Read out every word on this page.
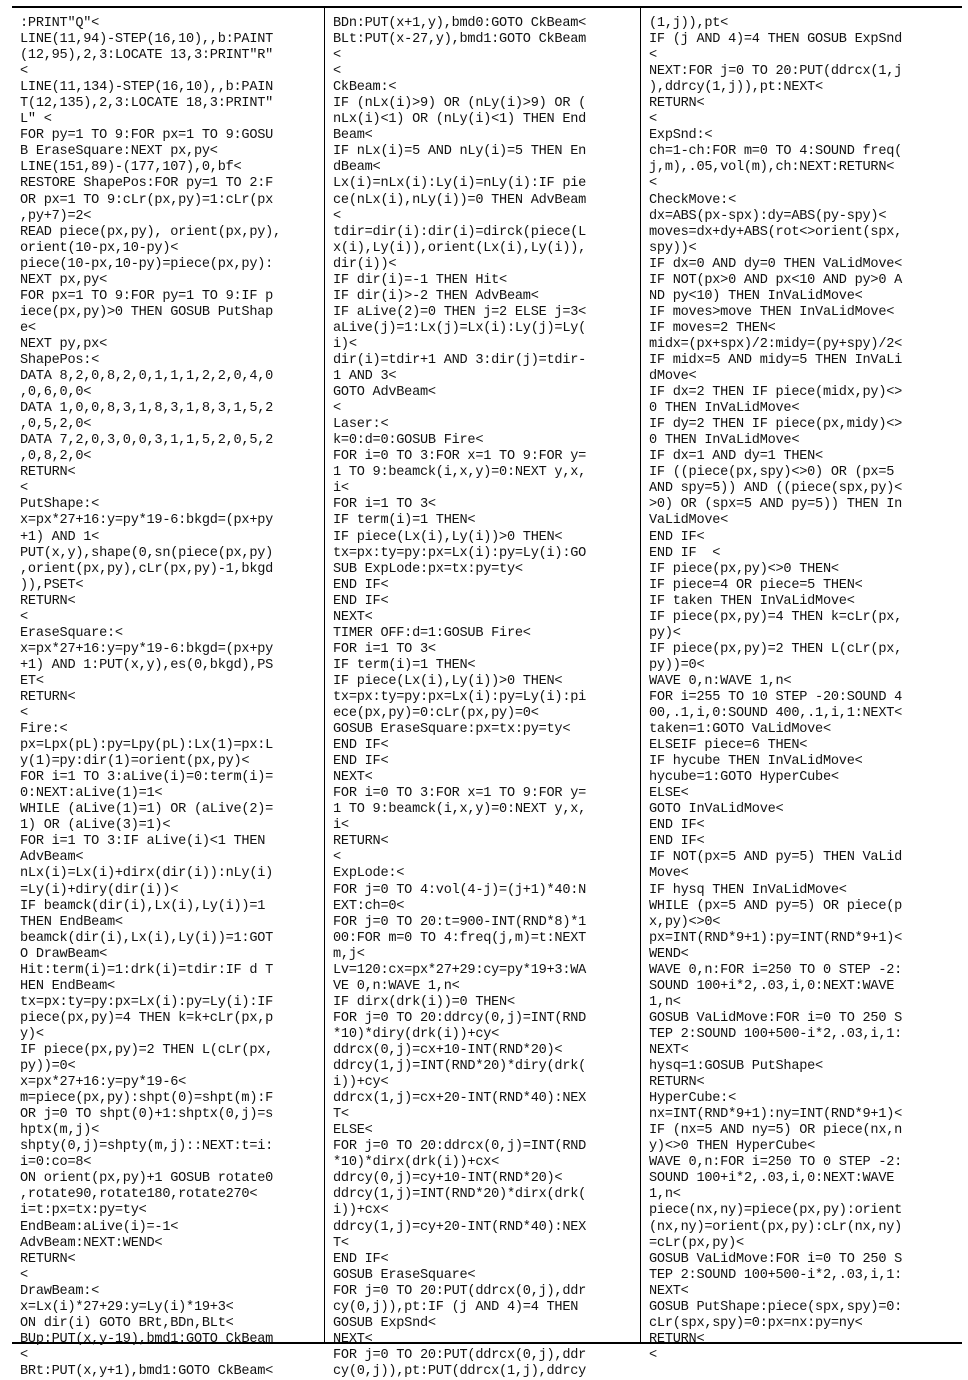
:PRINT"Q"<
LINE(11,94)-STEP(16,10),,b:PAINT
(12,95),2,3:LOCATE 13,3:PRINT"R"
<
LINE(11,134)-STEP(16,10),,b:PAIN
T(12,135),2,3:LOCATE 18,3:PRINT"
L" <
FOR py=1 TO 9:FOR px=1 TO 9:GOSU
B EraseSquare:NEXT px,py<
LINE(151,89)-(177,107),0,bf<
RESTORE ShapePos:FOR py=1 TO 2:F
OR px=1 TO 9:cLr(px,py)=1:cLr(px
,py+7)=2<
READ piece(px,py), orient(px,py),
orient(10-px,10-py)<
piece(10-px,10-py)=piece(px,py):
NEXT px,py<
FOR px=1 TO 9:FOR py=1 TO 9:IF p
iece(px,py)>0 THEN GOSUB PutShap
e<
NEXT py,px<
ShapePos:<
DATA 8,2,0,8,2,0,1,1,1,2,2,0,4,0
,0,6,0,0<
DATA 1,0,0,8,3,1,8,3,1,8,3,1,5,2
,0,5,2,0<
DATA 7,2,0,3,0,0,3,1,1,5,2,0,5,2
,0,8,2,0<
RETURN<
<
PutShape:<
x=px*27+16:y=py*19-6:bkgd=(px+py
+1) AND 1<
PUT(x,y),shape(0,sn(piece(px,py)
,orient(px,py),cLr(px,py)-1,bkgd
)),PSET<
RETURN<
<
EraseSquare:<
x=px*27+16:y=py*19-6:bkgd=(px+py
+1) AND 1:PUT(x,y),es(0,bkgd),PS
ET<
RETURN<
<
Fire:<
px=Lpx(pL):py=Lpy(pL):Lx(1)=px:L
y(1)=py:dir(1)=orient(px,py)<
FOR i=1 TO 3:aLive(i)=0:term(i)=
0:NEXT:aLive(1)=1<
WHILE (aLive(1)=1) OR (aLive(2)=
1) OR (aLive(3)=1)<
FOR i=1 TO 3:IF aLive(i)<1 THEN
AdvBeam<
nLx(i)=Lx(i)+dirx(dir(i)):nLy(i)
=Ly(i)+diry(dir(i))<
IF beamck(dir(i),Lx(i),Ly(i))=1
THEN EndBeam<
beamck(dir(i),Lx(i),Ly(i))=1:GOT
O DrawBeam<
Hit:term(i)=1:drk(i)=tdir:IF d T
HEN EndBeam<
tx=px:ty=py:px=Lx(i):py=Ly(i):IF
piece(px,py)=4 THEN k=k+cLr(px,p
y)<
IF piece(px,py)=2 THEN L(cLr(px,
py))=0<
x=px*27+16:y=py*19-6<
m=piece(px,py):shpt(0)=shpt(m):F
OR j=0 TO shpt(0)+1:shptx(0,j)=s
hptx(m,j)<
shpty(0,j)=shpty(m,j)::NEXT:t=i:
i=0:co=8<
ON orient(px,py)+1 GOSUB rotate0
,rotate90,rotate180,rotate270<
i=t:px=tx:py=ty<
EndBeam:aLive(i)=-1<
AdvBeam:NEXT:WEND<
RETURN<
<
DrawBeam:<
x=Lx(i)*27+29:y=Ly(i)*19+3<
ON dir(i) GOTO BRt,BDn,BLt<
BUp:PUT(x,y-19),bmd1:GOTO CkBeam
<
BRt:PUT(x,y+1),bmd1:GOTO CkBeam<
BDn:PUT(x+1,y),bmd0:GOTO CkBeam<
BLt:PUT(x-27,y),bmd1:GOTO CkBeam
<
<
CkBeam:<
IF (nLx(i)>9) OR (nLy(i)>9) OR (
nLx(i)<1) OR (nLy(i)<1) THEN End
Beam<
IF nLx(i)=5 AND nLy(i)=5 THEN En
dBeam<
Lx(i)=nLx(i):Ly(i)=nLy(i):IF pie
ce(nLx(i),nLy(i))=0 THEN AdvBeam
<
tdir=dir(i):dir(i)=dirck(piece(L
x(i),Ly(i)),orient(Lx(i),Ly(i)),
dir(i))<
IF dir(i)=-1 THEN Hit<
IF dir(i)>-2 THEN AdvBeam<
IF aLive(2)=0 THEN j=2 ELSE j=3<
aLive(j)=1:Lx(j)=Lx(i):Ly(j)=Ly(
i)<
dir(i)=tdir+1 AND 3:dir(j)=tdir-
1 AND 3<
GOTO AdvBeam<
<
Laser:<
k=0:d=0:GOSUB Fire<
FOR i=0 TO 3:FOR x=1 TO 9:FOR y=
1 TO 9:beamck(i,x,y)=0:NEXT y,x,
i<
FOR i=1 TO 3<
IF term(i)=1 THEN<
IF piece(Lx(i),Ly(i))>0 THEN<
tx=px:ty=py:px=Lx(i):py=Ly(i):GO
SUB ExpLode:px=tx:py=ty<
END IF<
END IF<
NEXT<
TIMER OFF:d=1:GOSUB Fire<
FOR i=1 TO 3<
IF term(i)=1 THEN<
IF piece(Lx(i),Ly(i))>0 THEN<
tx=px:ty=py:px=Lx(i):py=Ly(i):pi
ece(px,py)=0:cLr(px,py)=0<
GOSUB EraseSquare:px=tx:py=ty<
END IF<
END IF<
NEXT<
FOR i=0 TO 3:FOR x=1 TO 9:FOR y=
1 TO 9:beamck(i,x,y)=0:NEXT y,x,
i<
RETURN<
<
ExpLode:<
FOR j=0 TO 4:vol(4-j)=(j+1)*40:N
EXT:ch=0<
FOR j=0 TO 20:t=900-INT(RND*8)*1
00:FOR m=0 TO 4:freq(j,m)=t:NEXT
m,j<
Lv=120:cx=px*27+29:cy=py*19+3:WA
VE 0,n:WAVE 1,n<
IF dirx(drk(i))=0 THEN<
FOR j=0 TO 20:ddrcy(0,j)=INT(RND
*10)*diry(drk(i))+cy<
ddrcx(0,j)=cx+10-INT(RND*20)<
ddrcy(1,j)=INT(RND*20)*diry(drk(
i))+cy<
ddrcx(1,j)=cx+20-INT(RND*40):NEX
T<
ELSE<
FOR j=0 TO 20:ddrcx(0,j)=INT(RND
*10)*dirx(drk(i))+cx<
ddrcy(0,j)=cy+10-INT(RND*20)<
ddrcy(1,j)=INT(RND*20)*dirx(drk(
i))+cx<
ddrcy(1,j)=cy+20-INT(RND*40):NEX
T<
END IF<
GOSUB EraseSquare<
FOR j=0 TO 20:PUT(ddrcx(0,j),ddr
cy(0,j)),pt:IF (j AND 4)=4 THEN
GOSUB ExpSnd<
NEXT<
FOR j=0 TO 20:PUT(ddrcx(0,j),ddr
cy(0,j)),pt:PUT(ddrcx(1,j),ddrcy
(1,j)),pt<
IF (j AND 4)=4 THEN GOSUB ExpSnd
<
NEXT:FOR j=0 TO 20:PUT(ddrcx(1,j
),ddrcy(1,j)),pt:NEXT<
RETURN<
<
ExpSnd:<
ch=1-ch:FOR m=0 TO 4:SOUND freq(
j,m),.05,vol(m),ch:NEXT:RETURN<
<
CheckMove:<
dx=ABS(px-spx):dy=ABS(py-spy)<
moves=dx+dy+ABS(rot<>orient(spx,
spy))<
IF dx=0 AND dy=0 THEN VaLidMove<
IF NOT(px>0 AND px<10 AND py>0 A
ND py<10) THEN InVaLidMove<
IF moves>move THEN InVaLidMove<
IF moves=2 THEN<
midx=(px+spx)/2:midy=(py+spy)/2<
IF midx=5 AND midy=5 THEN InVaLi
dMove<
IF dx=2 THEN IF piece(midx,py)<>
0 THEN InVaLidMove<
IF dy=2 THEN IF piece(px,midy)<>
0 THEN InVaLidMove<
IF dx=1 AND dy=1 THEN<
IF ((piece(px,spy)<>0) OR (px=5
AND spy=5)) AND ((piece(spx,py)<
>0) OR (spx=5 AND py=5)) THEN In
VaLidMove<
END IF<
END IF  <
IF piece(px,py)<>0 THEN<
IF piece=4 OR piece=5 THEN<
IF taken THEN InVaLidMove<
IF piece(px,py)=4 THEN k=cLr(px,
py)<
IF piece(px,py)=2 THEN L(cLr(px,
py))=0<
WAVE 0,n:WAVE 1,n<
FOR i=255 TO 10 STEP -20:SOUND 4
00,.1,i,0:SOUND 400,.1,i,1:NEXT<
taken=1:GOTO VaLidMove<
ELSEIF piece=6 THEN<
IF hycube THEN InVaLidMove<
hycube=1:GOTO HyperCube<
ELSE<
GOTO InVaLidMove<
END IF<
END IF<
IF NOT(px=5 AND py=5) THEN VaLid
Move<
IF hysq THEN InVaLidMove<
WHILE (px=5 AND py=5) OR piece(p
x,py)<>0<
px=INT(RND*9+1):py=INT(RND*9+1)<
WEND<
WAVE 0,n:FOR i=250 TO 0 STEP -2:
SOUND 100+i*2,.03,i,0:NEXT:WAVE
1,n<
GOSUB VaLidMove:FOR i=0 TO 250 S
TEP 2:SOUND 100+500-i*2,.03,i,1:
NEXT<
hysq=1:GOSUB PutShape<
RETURN<
HyperCube:<
nx=INT(RND*9+1):ny=INT(RND*9+1)<
IF (nx=5 AND ny=5) OR piece(nx,n
y)<>0 THEN HyperCube<
WAVE 0,n:FOR i=250 TO 0 STEP -2:
SOUND 100+i*2,.03,i,0:NEXT:WAVE
1,n<
piece(nx,ny)=piece(px,py):orient
(nx,ny)=orient(px,py):cLr(nx,ny)
=cLr(px,py)<
GOSUB VaLidMove:FOR i=0 TO 250 S
TEP 2:SOUND 100+500-i*2,.03,i,1:
NEXT<
GOSUB PutShape:piece(spx,spy)=0:
cLr(spx,spy)=0:px=nx:py=ny<
RETURN<
<
